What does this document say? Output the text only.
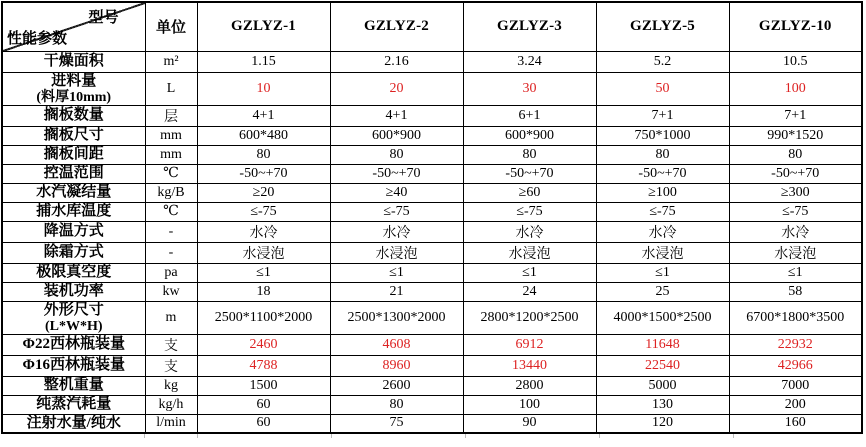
型号
性能参数	单位	GZLYZ-1	GZLYZ-2	GZLYZ-3	GZLYZ-5	GZLYZ-10

干燥面积	m²	1.15	2.16	3.24	5.2	10.5

进料量
(料厚10mm)	L	10	20	30	50	100

搁板数量	层	4+1	4+1	6+1	7+1	7+1

搁板尺寸	mm	600*480	600*900	600*900	750*1000	990*1520

搁板间距	mm	80	80	80	80	80

控温范围	℃	-50~+70	-50~+70	-50~+70	-50~+70	-50~+70

水汽凝结量	kg/B	≥20	≥40	≥60	≥100	≥300

捕水库温度	℃	≤-75	≤-75	≤-75	≤-75	≤-75

降温方式	-	水冷	水冷	水冷	水冷	水冷

除霜方式	-	水浸泡	水浸泡	水浸泡	水浸泡	水浸泡

极限真空度	pa	≤1	≤1	≤1	≤1	≤1

装机功率	kw	18	21	24	25	58

外形尺寸
(L*W*H)	m	2500*1100*2000	2500*1300*2000	2800*1200*2500	4000*1500*2500	6700*1800*3500

Φ22西林瓶装量	支	2460	4608	6912	11648	22932

Φ16西林瓶装量	支	4788	8960	13440	22540	42966

整机重量	kg	1500	2600	2800	5000	7000

纯蒸汽耗量	kg/h	60	80	100	130	200

注射水量/纯水	l/min	60	75	90	120	160
